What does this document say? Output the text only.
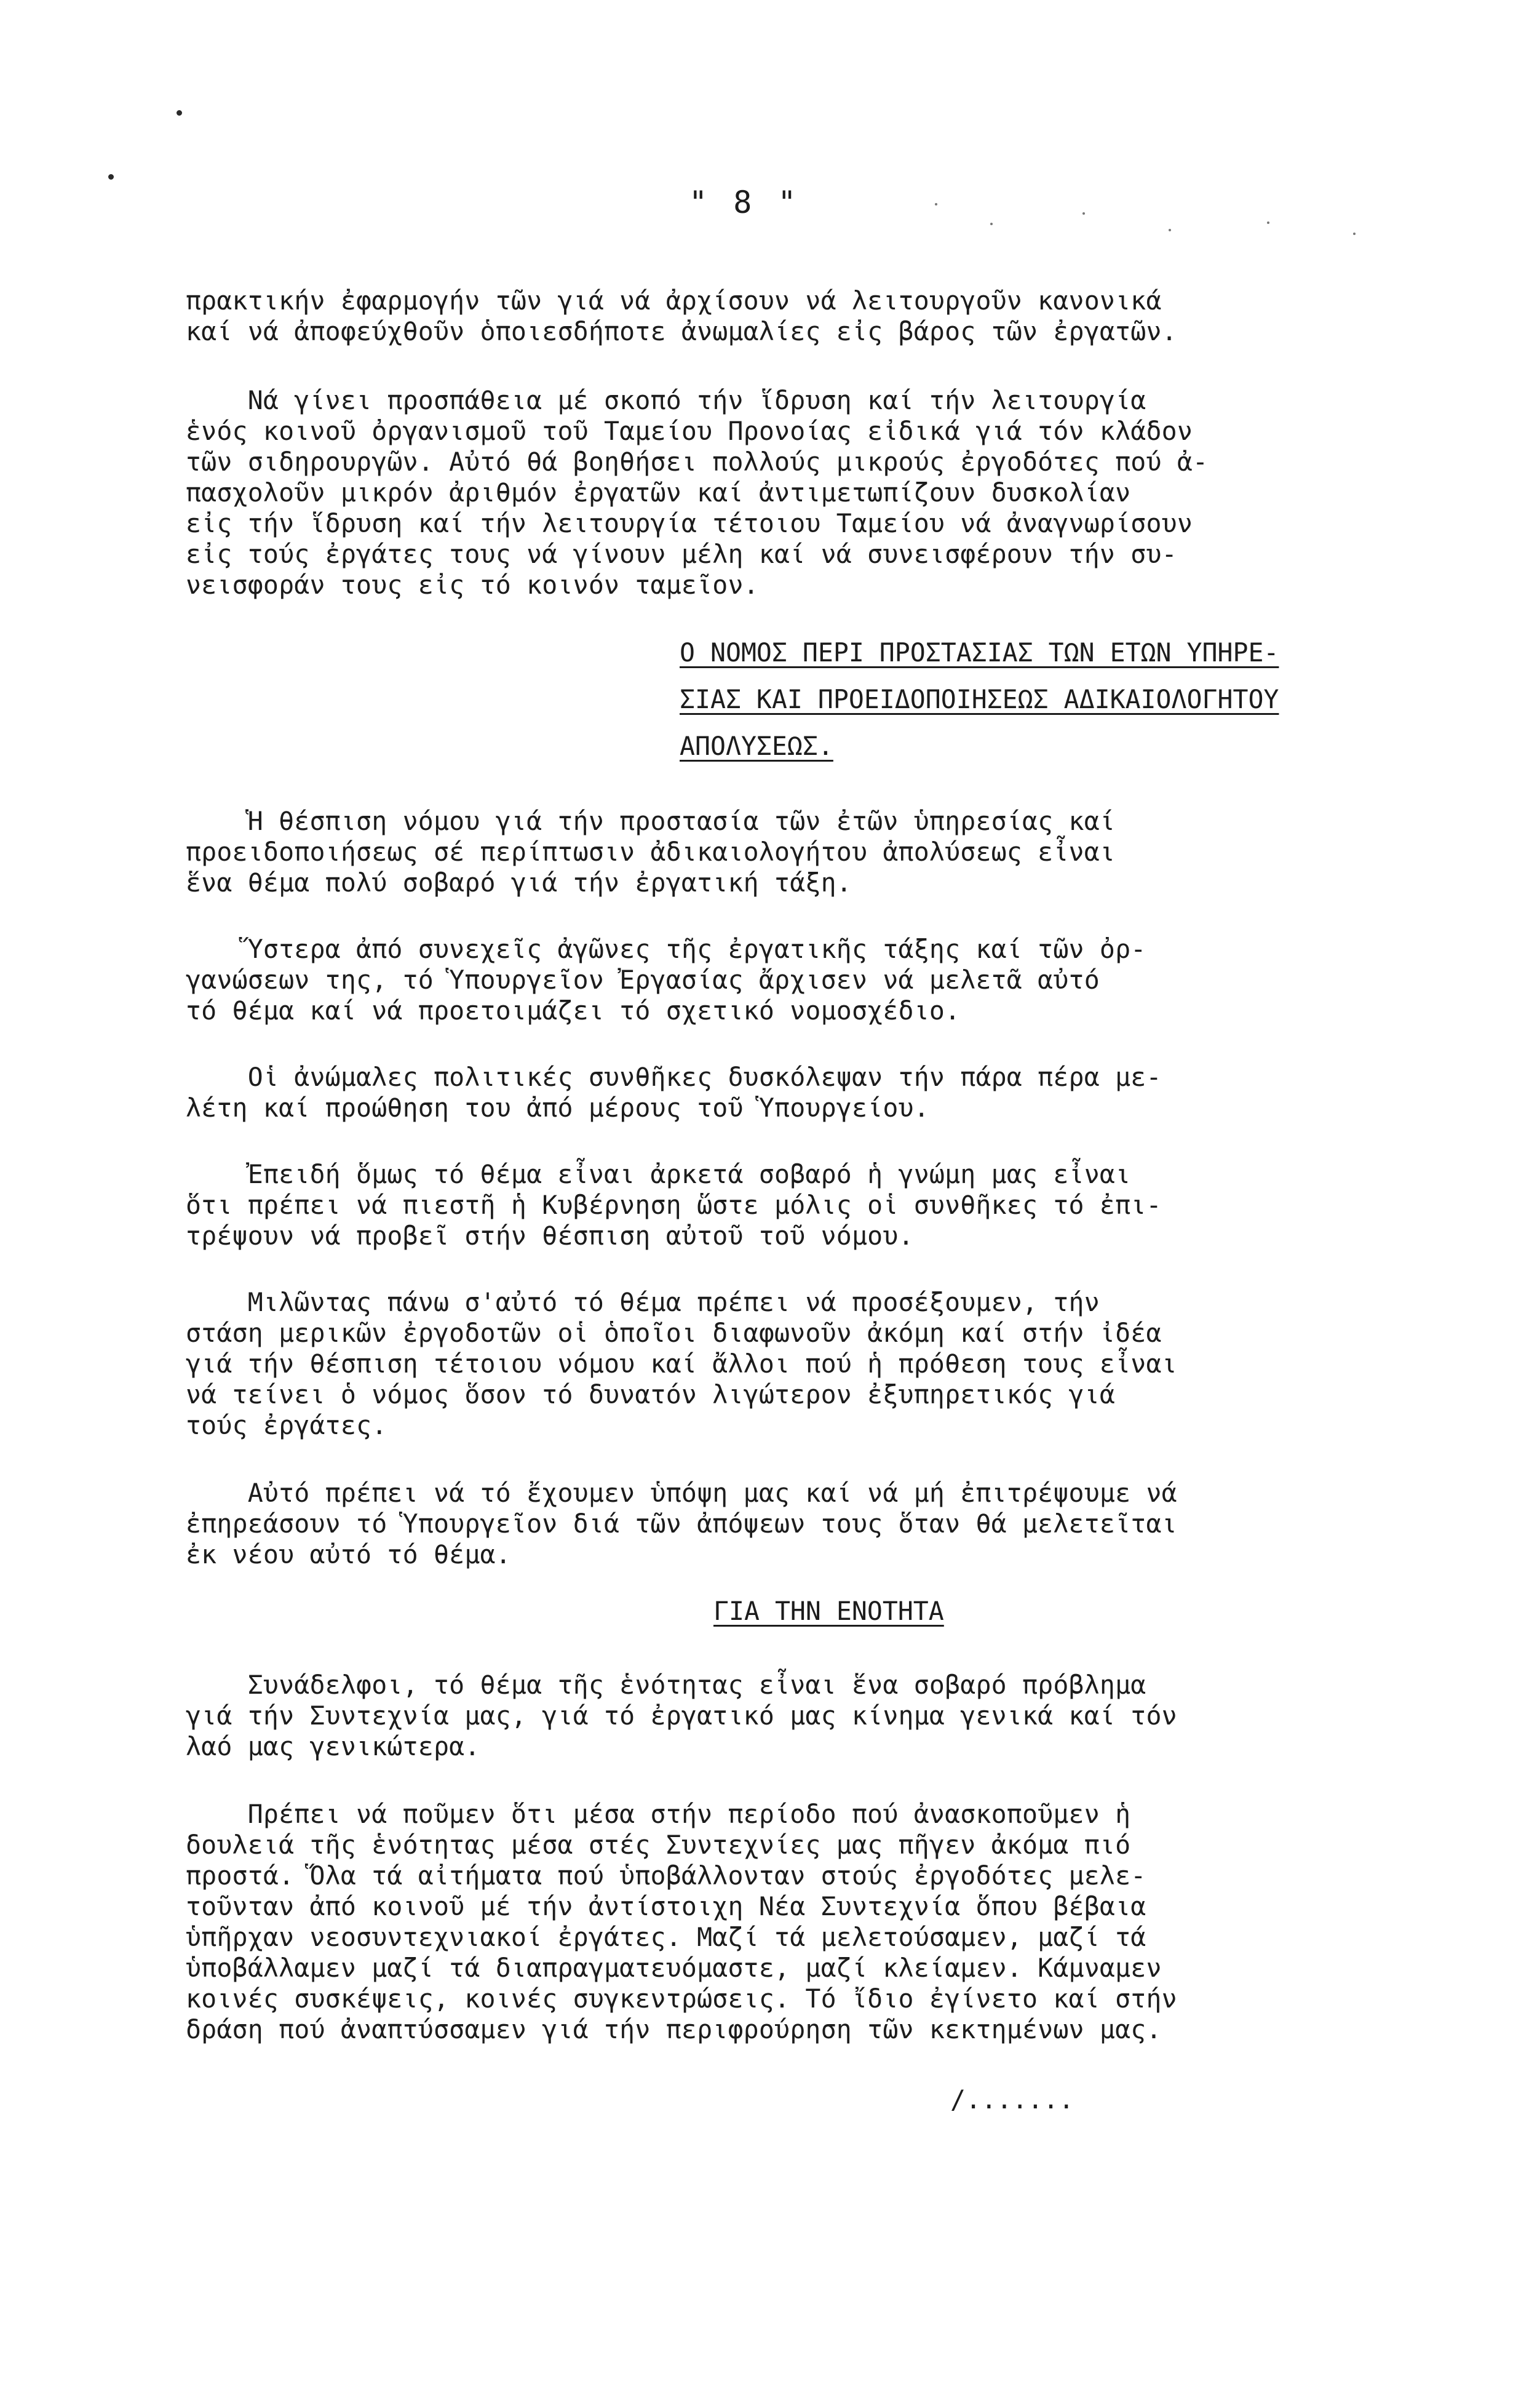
" 8 "
πρακτικήν ἐφαρμογήν τῶν γιά νά ἀρχίσουν νά λειτουργοῦν κανονικά
καί νά ἀποφεύχθοῦν ὁποιεσδήποτε ἀνωμαλίες εἰς βάρος τῶν ἐργατῶν.
Νά γίνει προσπάθεια μέ σκοπό τήν ἵδρυση καί τήν λειτουργία
ἑνός κοινοῦ ὀργανισμοῦ τοῦ Ταμείου Προνοίας εἰδικά γιά τόν κλάδον
τῶν σιδηρουργῶν. Αὐτό θά βοηθήσει πολλούς μικρούς ἐργοδότες πού ἀ-
πασχολοῦν μικρόν ἀριθμόν ἐργατῶν καί ἀντιμετωπίζουν δυσκολίαν
εἰς τήν ἵδρυση καί τήν λειτουργία τέτοιου Ταμείου νά ἀναγνωρίσουν
εἰς τούς ἐργάτες τους νά γίνουν μέλη καί νά συνεισφέρουν τήν συ-
νεισφοράν τους εἰς τό κοινόν ταμεῖον.
Ο ΝΟΜΟΣ ΠΕΡΙ ΠΡΟΣΤΑΣΙΑΣ ΤΩΝ ΕΤΩΝ ΥΠΗΡΕ-
ΣΙΑΣ ΚΑΙ ΠΡΟΕΙΔΟΠΟΙΗΣΕΩΣ ΑΔΙΚΑΙΟΛΟΓΗΤΟΥ
ΑΠΟΛΥΣΕΩΣ.
Ἡ θέσπιση νόμου γιά τήν προστασία τῶν ἐτῶν ὑπηρεσίας καί
προειδοποιήσεως σέ περίπτωσιν ἀδικαιολογήτου ἀπολύσεως εἶναι
ἕνα θέμα πολύ σοβαρό γιά τήν ἐργατική τάξη.
Ὕστερα ἀπό συνεχεῖς ἀγῶνες τῆς ἐργατικῆς τάξης καί τῶν ὀρ-
γανώσεων της, τό Ὑπουργεῖον Ἐργασίας ἄρχισεν νά μελετᾶ αὐτό
τό θέμα καί νά προετοιμάζει τό σχετικό νομοσχέδιο.
Οἱ ἀνώμαλες πολιτικές συνθῆκες δυσκόλεψαν τήν πάρα πέρα με-
λέτη καί προώθηση του ἀπό μέρους τοῦ Ὑπουργείου.
Ἐπειδή ὅμως τό θέμα εἶναι ἀρκετά σοβαρό ἡ γνώμη μας εἶναι
ὅτι πρέπει νά πιεστῆ ἡ Κυβέρνηση ὥστε μόλις οἱ συνθῆκες τό ἐπι-
τρέψουν νά προβεῖ στήν θέσπιση αὐτοῦ τοῦ νόμου.
Μιλῶντας πάνω σ'αὐτό τό θέμα πρέπει νά προσέξουμεν, τήν
στάση μερικῶν ἐργοδοτῶν οἱ ὁποῖοι διαφωνοῦν ἀκόμη καί στήν ἰδέα
γιά τήν θέσπιση τέτοιου νόμου καί ἄλλοι πού ἡ πρόθεση τους εἶναι
νά τείνει ὁ νόμος ὅσον τό δυνατόν λιγώτερον ἐξυπηρετικός γιά
τούς ἐργάτες.
Αὐτό πρέπει νά τό ἔχουμεν ὑπόψη μας καί νά μή ἐπιτρέψουμε νά
ἐπηρεάσουν τό Ὑπουργεῖον διά τῶν ἀπόψεων τους ὅταν θά μελετεῖται
ἐκ νέου αὐτό τό θέμα.
ΓΙΑ ΤΗΝ ΕΝΟΤΗΤΑ
Συνάδελφοι, τό θέμα τῆς ἑνότητας εἶναι ἕνα σοβαρό πρόβλημα
γιά τήν Συντεχνία μας, γιά τό ἐργατικό μας κίνημα γενικά καί τόν
λαό μας γενικώτερα.
Πρέπει νά ποῦμεν ὅτι μέσα στήν περίοδο πού ἀνασκοποῦμεν ἡ
δουλειά τῆς ἑνότητας μέσα στές Συντεχνίες μας πῆγεν ἀκόμα πιό
προστά. Ὅλα τά αἰτήματα πού ὑποβάλλονταν στούς ἐργοδότες μελε-
τοῦνταν ἀπό κοινοῦ μέ τήν ἀντίστοιχη Νέα Συντεχνία ὅπου βέβαια
ὑπῆρχαν νεοσυντεχνιακοί ἐργάτες. Μαζί τά μελετούσαμεν, μαζί τά
ὑποβάλλαμεν μαζί τά διαπραγματευόμαστε, μαζί κλείαμεν. Κάμναμεν
κοινές συσκέψεις, κοινές συγκεντρώσεις. Τό ἴδιο ἐγίνετο καί στήν
δράση πού ἀναπτύσσαμεν γιά τήν περιφρούρηση τῶν κεκτημένων μας.
/.......
